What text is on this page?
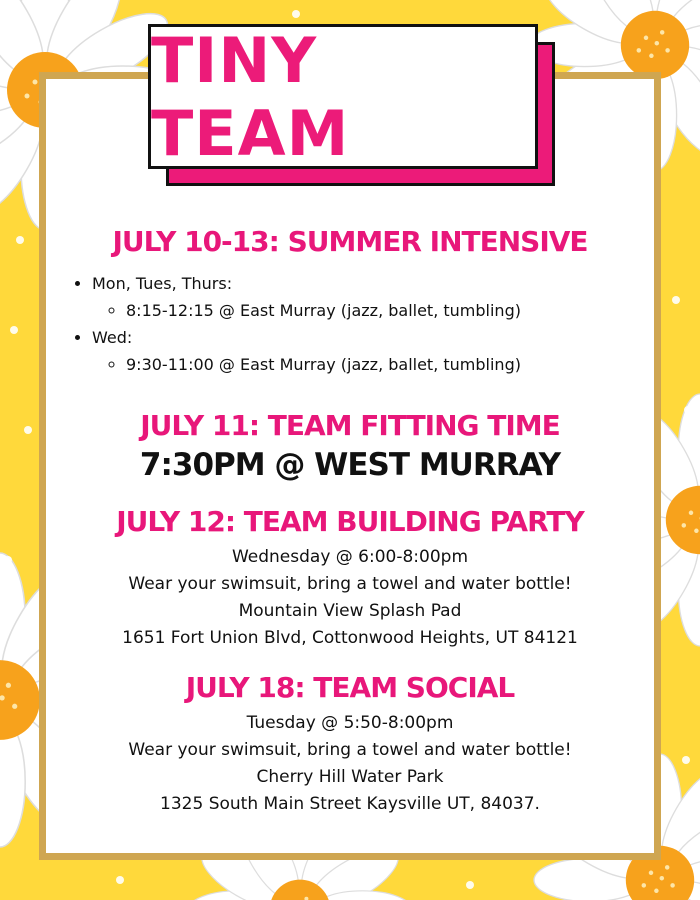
TINY TEAM
JULY 10-13: SUMMER INTENSIVE
• Mon, Tues, Thurs:
◦ 8:15-12:15 @ East Murray (jazz, ballet, tumbling)
• Wed:
◦ 9:30-11:00 @ East Murray (jazz, ballet, tumbling)
JULY 11: TEAM FITTING TIME
7:30PM @ WEST MURRAY
JULY 12: TEAM BUILDING PARTY
Wednesday @ 6:00-8:00pm
Wear your swimsuit, bring a towel and water bottle!
Mountain View Splash Pad
1651 Fort Union Blvd, Cottonwood Heights, UT 84121
JULY 18: TEAM SOCIAL
Tuesday @ 5:50-8:00pm
Wear your swimsuit, bring a towel and water bottle!
Cherry Hill Water Park
1325 South Main Street Kaysville UT, 84037.
